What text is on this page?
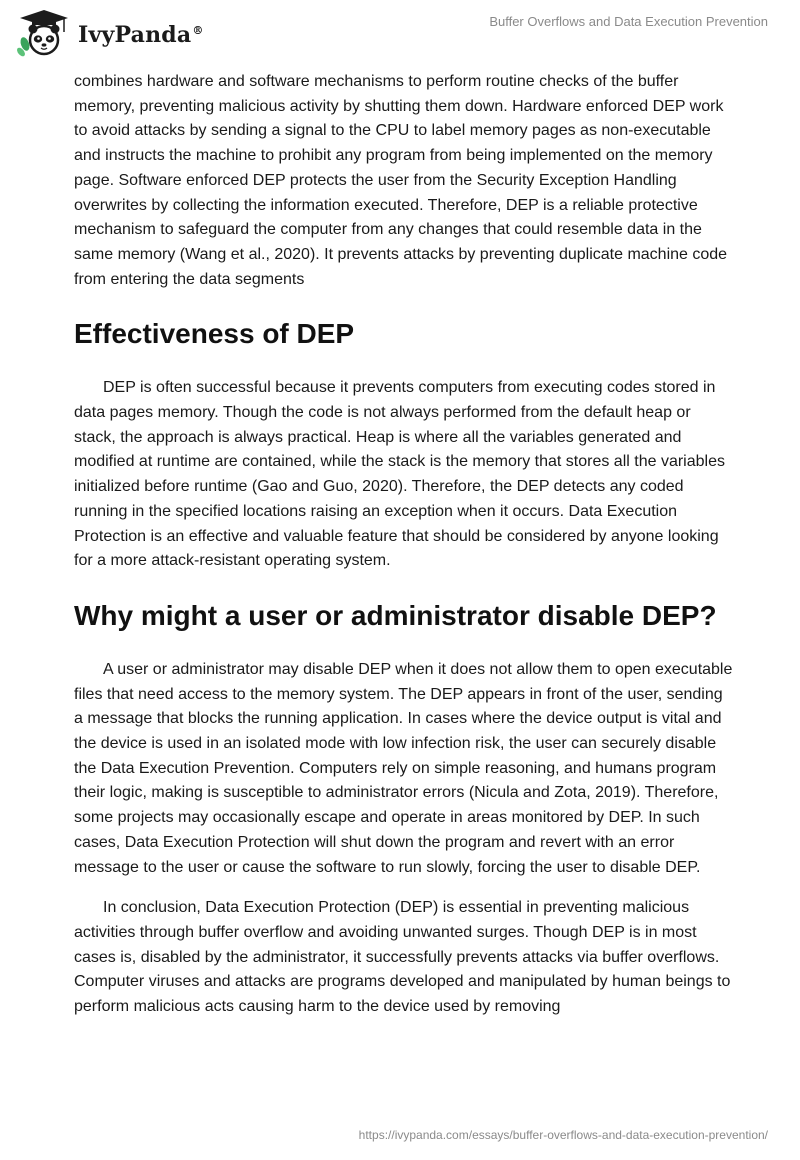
IvyPanda®
Buffer Overflows and Data Execution Prevention

combines hardware and software mechanisms to perform routine checks of the buffer memory, preventing malicious activity by shutting them down. Hardware enforced DEP work to avoid attacks by sending a signal to the CPU to label memory pages as non-executable and instructs the machine to prohibit any program from being implemented on the memory page. Software enforced DEP protects the user from the Security Exception Handling overwrites by collecting the information executed. Therefore, DEP is a reliable protective mechanism to safeguard the computer from any changes that could resemble data in the same memory (Wang et al., 2020). It prevents attacks by preventing duplicate machine code from entering the data segments

Effectiveness of DEP

DEP is often successful because it prevents computers from executing codes stored in data pages memory. Though the code is not always performed from the default heap or stack, the approach is always practical. Heap is where all the variables generated and modified at runtime are contained, while the stack is the memory that stores all the variables initialized before runtime (Gao and Guo, 2020). Therefore, the DEP detects any coded running in the specified locations raising an exception when it occurs. Data Execution Protection is an effective and valuable feature that should be considered by anyone looking for a more attack-resistant operating system.

Why might a user or administrator disable DEP?

A user or administrator may disable DEP when it does not allow them to open executable files that need access to the memory system. The DEP appears in front of the user, sending a message that blocks the running application. In cases where the device output is vital and the device is used in an isolated mode with low infection risk, the user can securely disable the Data Execution Prevention. Computers rely on simple reasoning, and humans program their logic, making is susceptible to administrator errors (Nicula and Zota, 2019). Therefore, some projects may occasionally escape and operate in areas monitored by DEP. In such cases, Data Execution Protection will shut down the program and revert with an error message to the user or cause the software to run slowly, forcing the user to disable DEP.

In conclusion, Data Execution Protection (DEP) is essential in preventing malicious activities through buffer overflow and avoiding unwanted surges. Though DEP is in most cases is, disabled by the administrator, it successfully prevents attacks via buffer overflows. Computer viruses and attacks are programs developed and manipulated by human beings to perform malicious acts causing harm to the device used by removing

https://ivypanda.com/essays/buffer-overflows-and-data-execution-prevention/
